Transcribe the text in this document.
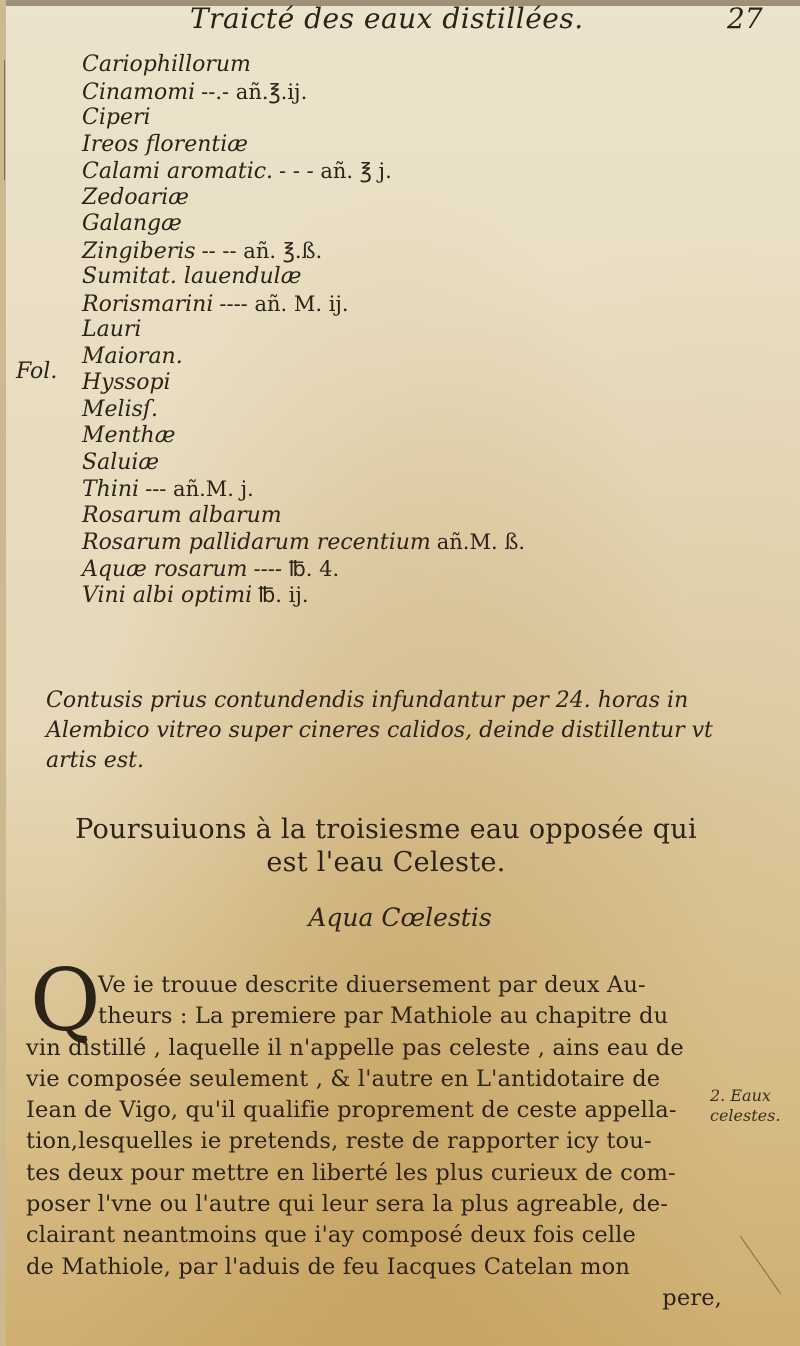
Traicté des eaux distillées.	27
Cariophillorum
Cinamomi --.- añ.℥.ij.
Ciperi
Ireos florentiæ
Calami aromatic. - - - añ. ℥ j.
Zedoariæ
Galangæ
Zingiberis -- -- añ. ℥.ß.
Sumitat. lauendulæ
Rorismarini ---- añ. M. ij.
Lauri
Maioran.
Hyssopi
Melisſ.
Menthæ
Saluiæ
Thini --- añ.M. j.
Rosarum albarum
Rosarum pallidarum recentium añ.M. ß.
Aquæ rosarum ---- ℔. 4.
Vini albi optimi ℔. ij.
Fol.
Contusis prius contundendis infundantur per 24. horas in
Alembico vitreo super cineres calidos, deinde distillentur vt
artis est.
Poursuiuons à la troisiesme eau opposée qui
est l'eau Celeste.
Aqua Cœlestis
Q
Ve ie trouue descrite diuersement par deux Au-
theurs : La premiere par Mathiole au chapitre du
vin distillé , laquelle il n'appelle pas celeste , ains eau de
vie composée seulement , & l'autre en L'antidotaire de
Iean de Vigo, qu'il qualifie proprement de ceste appella-
tion,lesquelles ie pretends, reste de rapporter icy tou-
tes deux pour mettre en liberté les plus curieux de com-
poser l'vne ou l'autre qui leur sera la plus agreable, de-
clairant neantmoins que i'ay composé deux fois celle
de Mathiole, par l'aduis de feu Iacques Catelan mon
pere,
2. Eaux
celestes.
